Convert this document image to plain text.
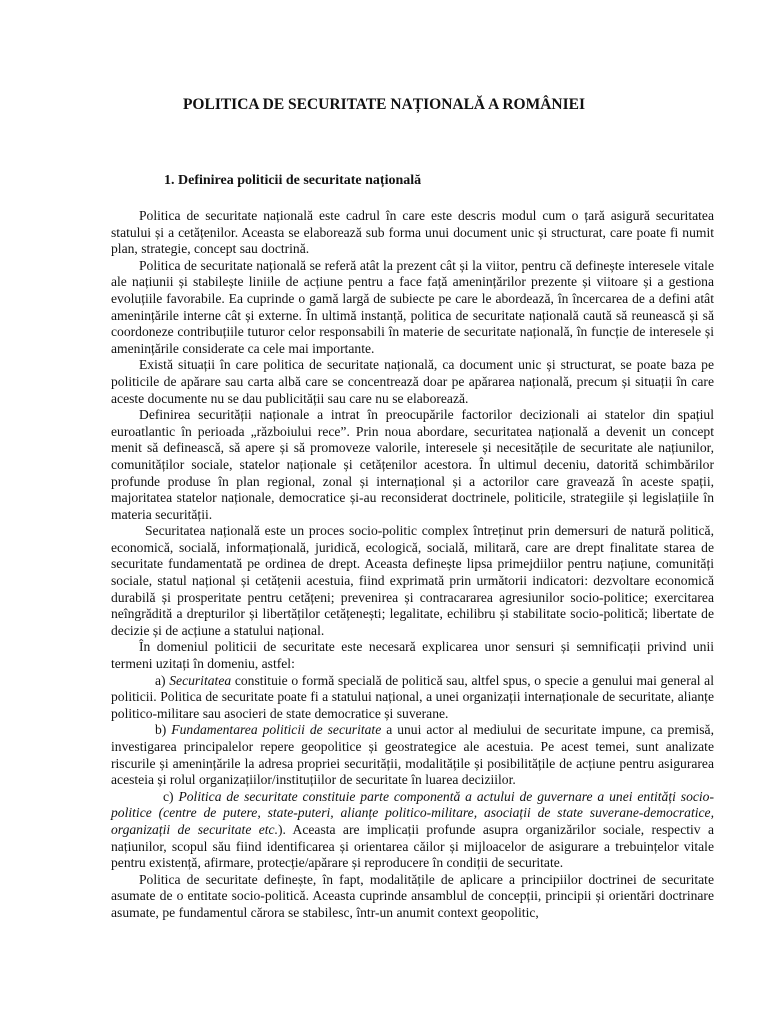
POLITICA DE SECURITATE NAȚIONALĂ A ROMÂNIEI
1. Definirea politicii de securitate națională

Politica de securitate națională este cadrul în care este descris modul cum o țară asigură securitatea statului și a cetățenilor. Aceasta se elaborează sub forma unui document unic și structurat, care poate fi numit plan, strategie, concept sau doctrină.

Politica de securitate națională se referă atât la prezent cât și la viitor, pentru că definește interesele vitale ale națiunii și stabilește liniile de acțiune pentru a face față amenințărilor prezente și viitoare și a gestiona evoluțiile favorabile. Ea cuprinde o gamă largă de subiecte pe care le abordează, în încercarea de a defini atât amenințările interne cât și externe. În ultimă instanță, politica de securitate națională caută să reunească și să coordoneze contribuțiile tuturor celor responsabili în materie de securitate națională, în funcție de interesele și amenințările considerate ca cele mai importante.

Există situații în care politica de securitate națională, ca document unic și structurat, se poate baza pe politicile de apărare sau carta albă care se concentrează doar pe apărarea națională, precum și situații în care aceste documente nu se dau publicității sau care nu se elaborează.

Definirea securității naționale a intrat în preocupările factorilor decizionali ai statelor din spațiul euroatlantic în perioada „războiului rece”. Prin noua abordare, securitatea națională a devenit un concept menit să definească, să apere și să promoveze valorile, interesele și necesitățile de securitate ale națiunilor, comunităților sociale, statelor naționale și cetățenilor acestora. În ultimul deceniu, datorită schimbărilor profunde produse în plan regional, zonal și internațional și a actorilor care gravează în aceste spații, majoritatea statelor naționale, democratice și-au reconsiderat doctrinele, politicile, strategiile și legislațiile în materia securității.

Securitatea națională este un proces socio-politic complex întreținut prin demersuri de natură politică, economică, socială, informațională, juridică, ecologică, socială, militară, care are drept finalitate starea de securitate fundamentată pe ordinea de drept. Aceasta definește lipsa primejdiilor pentru națiune, comunități sociale, statul național și cetățenii acestuia, fiind exprimată prin următorii indicatori: dezvoltare economică durabilă și prosperitate pentru cetățeni; prevenirea și contracararea agresiunilor socio-politice; exercitarea neîngrădită a drepturilor și libertăților cetățenești; legalitate, echilibru și stabilitate socio-politică; libertate de decizie și de acțiune a statului național.

În domeniul politicii de securitate este necesară explicarea unor sensuri și semnificații privind unii termeni uzitați în domeniu, astfel:

a) Securitatea constituie o formă specială de politică sau, altfel spus, o specie a genului mai general al politicii. Politica de securitate poate fi a statului național, a unei organizații internaționale de securitate, alianțe politico-militare sau asocieri de state democratice și suverane.

b) Fundamentarea politicii de securitate a unui actor al mediului de securitate impune, ca premisă, investigarea principalelor repere geopolitice și geostrategice ale acestuia. Pe acest temei, sunt analizate riscurile și amenințările la adresa propriei securității, modalitățile și posibilitățile de acțiune pentru asigurarea acesteia și rolul organizațiilor/instituțiilor de securitate în luarea deciziilor.

c) Politica de securitate constituie parte componentă a actului de guvernare a unei entități socio-politice (centre de putere, state-puteri, alianțe politico-militare, asociații de state suverane-democratice, organizații de securitate etc.). Aceasta are implicații profunde asupra organizărilor sociale, respectiv a națiunilor, scopul său fiind identificarea și orientarea căilor și mijloacelor de asigurare a trebuințelor vitale pentru existență, afirmare, protecție/apărare și reproducere în condiții de securitate.

Politica de securitate definește, în fapt, modalitățile de aplicare a principiilor doctrinei de securitate asumate de o entitate socio-politică. Aceasta cuprinde ansamblul de concepții, principii și orientări doctrinare asumate, pe fundamentul cărora se stabilesc, într-un anumit context geopolitic,
